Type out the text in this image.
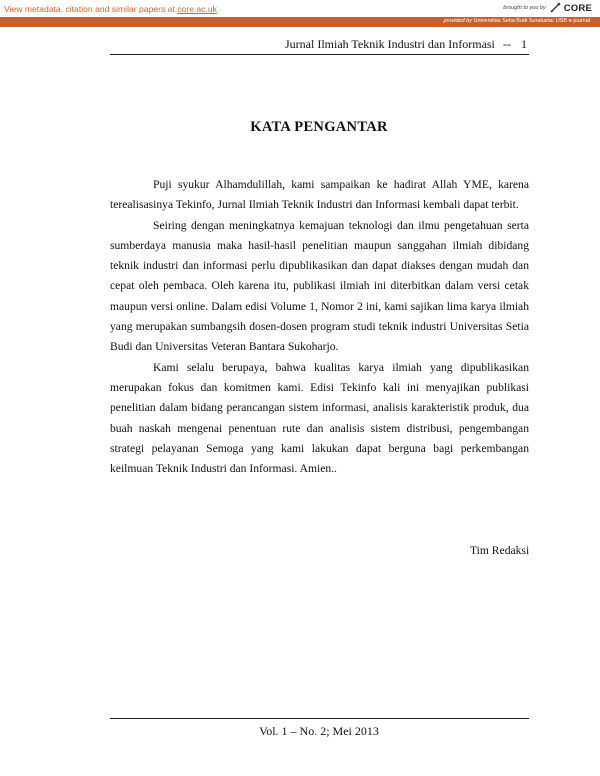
View metadata, citation and similar papers at core.ac.uk	brought to you by CORE
provided by Universitas Setia Budi Surakarta: USB e-journal
Jurnal Ilmiah Teknik Industri dan Informasi -- 1
KATA PENGANTAR

Puji syukur Alhamdulillah, kami sampaikan ke hadirat Allah YME, karena terealisasinya Tekinfo, Jurnal Ilmiah Teknik Industri dan Informasi kembali dapat terbit.

Seiring dengan meningkatnya kemajuan teknologi dan ilmu pengetahuan serta sumberdaya manusia maka hasil-hasil penelitian maupun sanggahan ilmiah dibidang teknik industri dan informasi perlu dipublikasikan dan dapat diakses dengan mudah dan cepat oleh pembaca. Oleh karena itu, publikasi ilmiah ini diterbitkan dalam versi cetak maupun versi online. Dalam edisi Volume 1, Nomor 2 ini, kami sajikan lima karya ilmiah yang merupakan sumbangsih dosen-dosen program studi teknik industri Universitas Setia Budi dan Universitas Veteran Bantara Sukoharjo.

Kami selalu berupaya, bahwa kualitas karya ilmiah yang dipublikasikan merupakan fokus dan komitmen kami. Edisi Tekinfo kali ini menyajikan publikasi penelitian dalam bidang perancangan sistem informasi, analisis karakteristik produk, dua buah naskah mengenai penentuan rute dan analisis sistem distribusi, pengembangan strategi pelayanan Semoga yang kami lakukan dapat berguna bagi perkembangan keilmuan Teknik Industri dan Informasi. Amien..

Tim Redaksi
Vol. 1 – No. 2; Mei 2013
